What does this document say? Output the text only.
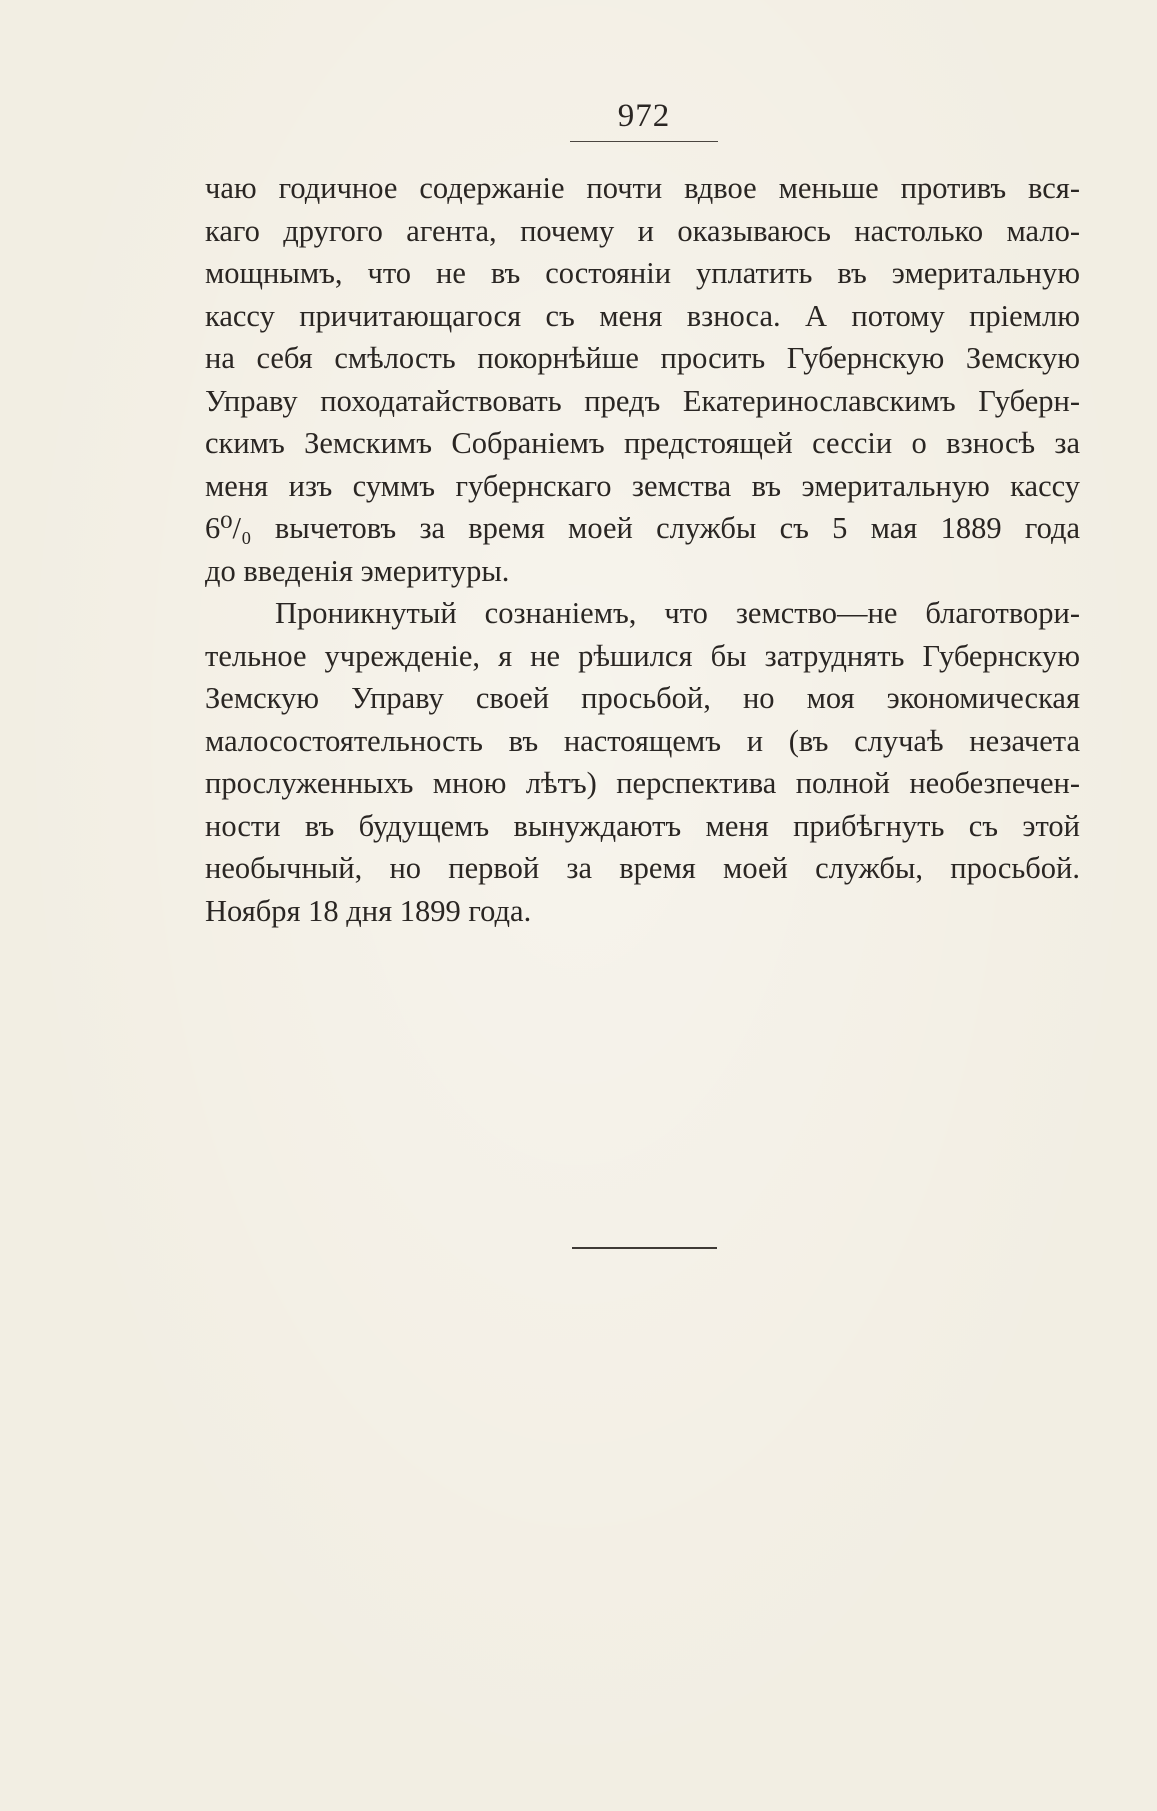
972
чаю годичное содержаніе почти вдвое меньше противъ вся-
каго другого агента, почему и оказываюсь настолько мало-
мощнымъ, что не въ состояніи уплатить въ эмеритальную
кассу причитающагося съ меня взноса. А потому пріемлю
на себя смѣлость покорнѣйше просить Губернскую Земскую
Управу походатайствовать предъ Екатеринославскимъ Губерн-
скимъ Земскимъ Собраніемъ предстоящей сессіи о взносѣ за
меня изъ суммъ губернскаго земства въ эмеритальную кассу
6⁰/₀ вычетовъ за время моей службы съ 5 мая 1889 года
до введенія эмеритуры.
Проникнутый сознаніемъ, что земство—не благотвори-
тельное учрежденіе, я не рѣшился бы затруднять Губернскую
Земскую Управу своей просьбой, но моя экономическая
малосостоятельность въ настоящемъ и (въ случаѣ незачета
прослуженныхъ мною лѣтъ) перспектива полной необезпечен-
ности въ будущемъ вынуждаютъ меня прибѣгнуть съ этой
необычный, но первой за время моей службы, просьбой.
Ноября 18 дня 1899 года.
